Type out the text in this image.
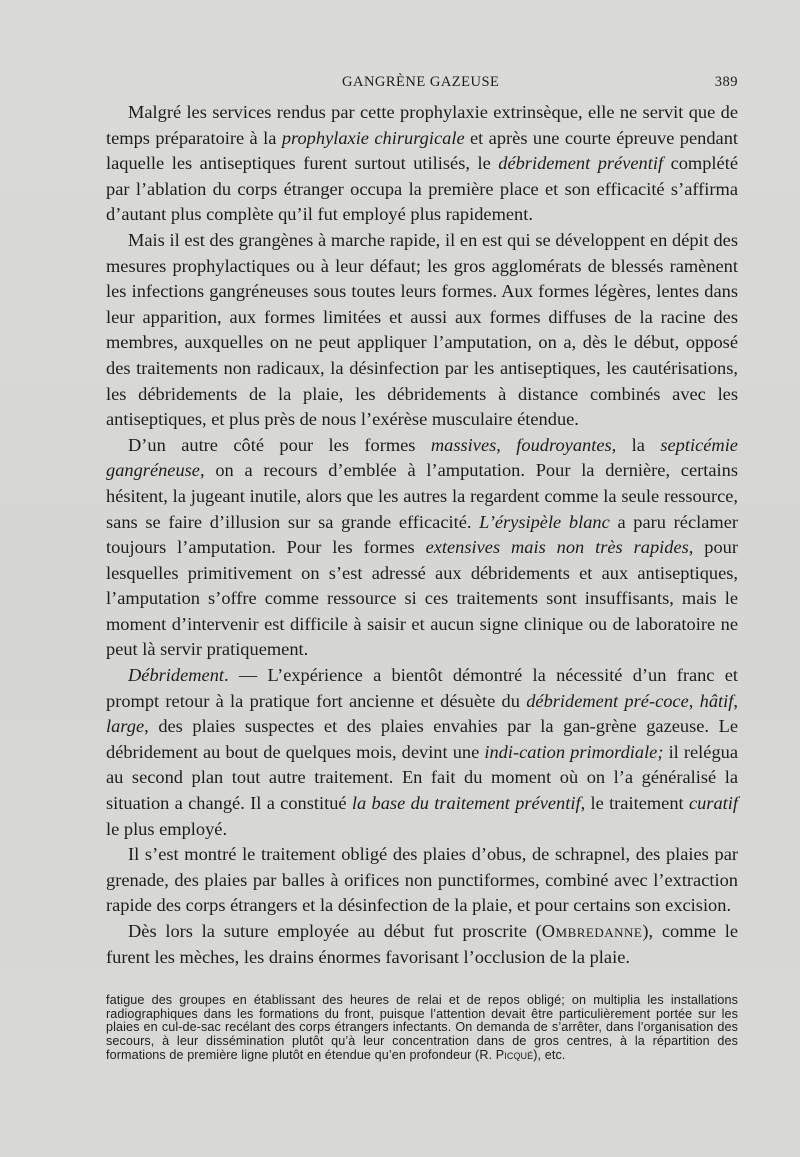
GANGRÈNE GAZEUSE	389

Malgré les services rendus par cette prophylaxie extrinsèque, elle ne servit que de temps préparatoire à la prophylaxie chirurgicale et après une courte épreuve pendant laquelle les antiseptiques furent surtout utilisés, le débridement préventif complété par l’ablation du corps étranger occupa la première place et son efficacité s’affirma d’autant plus complète qu’il fut employé plus rapidement.

Mais il est des grangènes à marche rapide, il en est qui se développent en dépit des mesures prophylactiques ou à leur défaut; les gros agglomérats de blessés ramènent les infections gangréneuses sous toutes leurs formes. Aux formes légères, lentes dans leur apparition, aux formes limitées et aussi aux formes diffuses de la racine des membres, auxquelles on ne peut appliquer l’amputation, on a, dès le début, opposé des traitements non radicaux, la désinfection par les antiseptiques, les cautérisations, les débridements de la plaie, les débridements à distance combinés avec les antiseptiques, et plus près de nous l’exérèse musculaire étendue.

D’un autre côté pour les formes massives, foudroyantes, la septicémie gangréneuse, on a recours d’emblée à l’amputation. Pour la dernière, certains hésitent, la jugeant inutile, alors que les autres la regardent comme la seule ressource, sans se faire d’illusion sur sa grande efficacité. L’érysipèle blanc a paru réclamer toujours l’amputation. Pour les formes extensives mais non très rapides, pour lesquelles primitivement on s’est adressé aux débridements et aux antiseptiques, l’amputation s’offre comme ressource si ces traitements sont insuffisants, mais le moment d’intervenir est difficile à saisir et aucun signe clinique ou de laboratoire ne peut là servir pratiquement.

Débridement. — L’expérience a bientôt démontré la nécessité d’un franc et prompt retour à la pratique fort ancienne et désuète du débridement pré-coce, hâtif, large, des plaies suspectes et des plaies envahies par la gan-grène gazeuse. Le débridement au bout de quelques mois, devint une indi-cation primordiale; il relégua au second plan tout autre traitement. En fait du moment où on l’a généralisé la situation a changé. Il a constitué la base du traitement préventif, le traitement curatif le plus employé.

Il s’est montré le traitement obligé des plaies d’obus, de schrapnel, des plaies par grenade, des plaies par balles à orifices non punctiformes, combiné avec l’extraction rapide des corps étrangers et la désinfection de la plaie, et pour certains son excision.

Dès lors la suture employée au début fut proscrite (Ombredanne), comme le furent les mèches, les drains énormes favorisant l’occlusion de la plaie.

fatigue des groupes en établissant des heures de relai et de repos obligé; on multiplia les installations radiographiques dans les formations du front, puisque l’attention devait être particulièrement portée sur les plaies en cul-de-sac recélant des corps étrangers infectants. On demanda de s’arrêter, dans l’organisation des secours, à leur dissémination plutôt qu’à leur concentration dans de gros centres, à la répartition des formations de première ligne plutôt en étendue qu’en profondeur (R. Picqué), etc.
